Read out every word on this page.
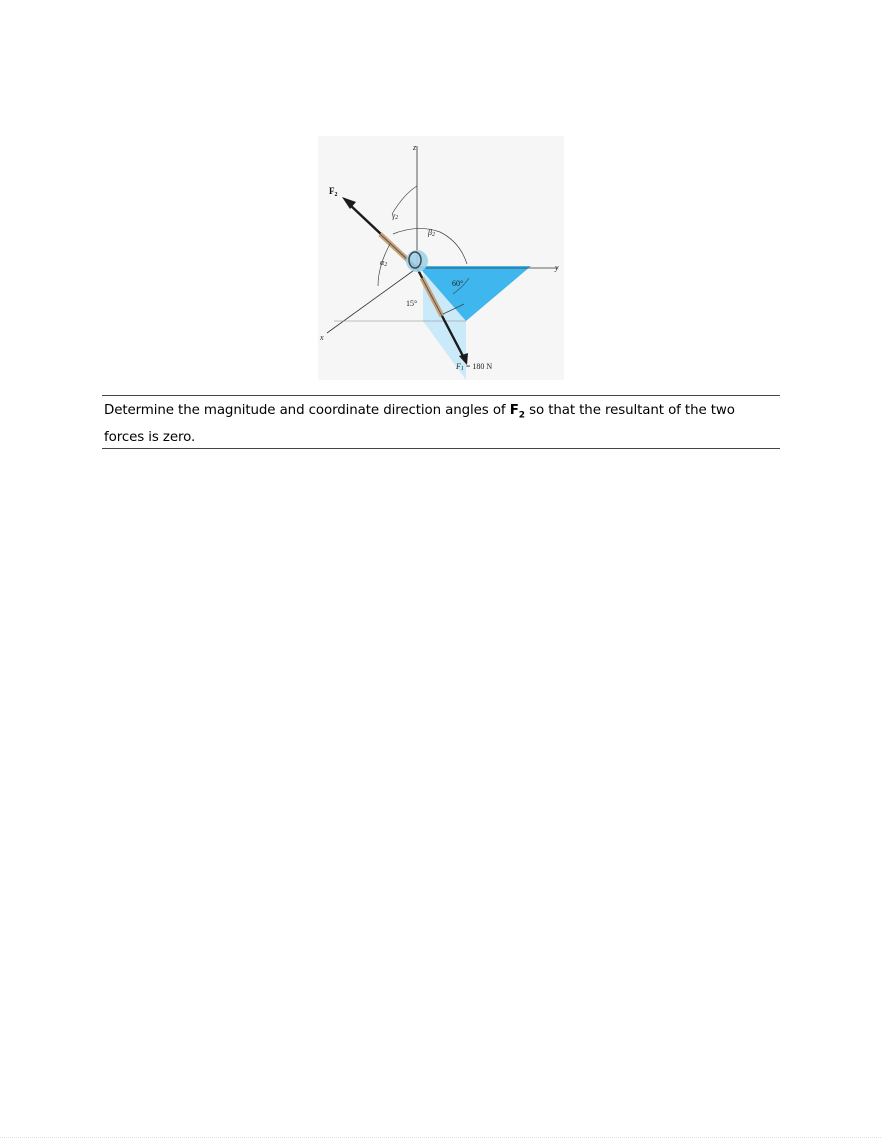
z
y
x
$F_2$
γ2
β2
α2
60°
15°
F1 = 180 N

Determine the magnitude and coordinate direction angles of $F_2$ so that the resultant of the two forces is zero.
